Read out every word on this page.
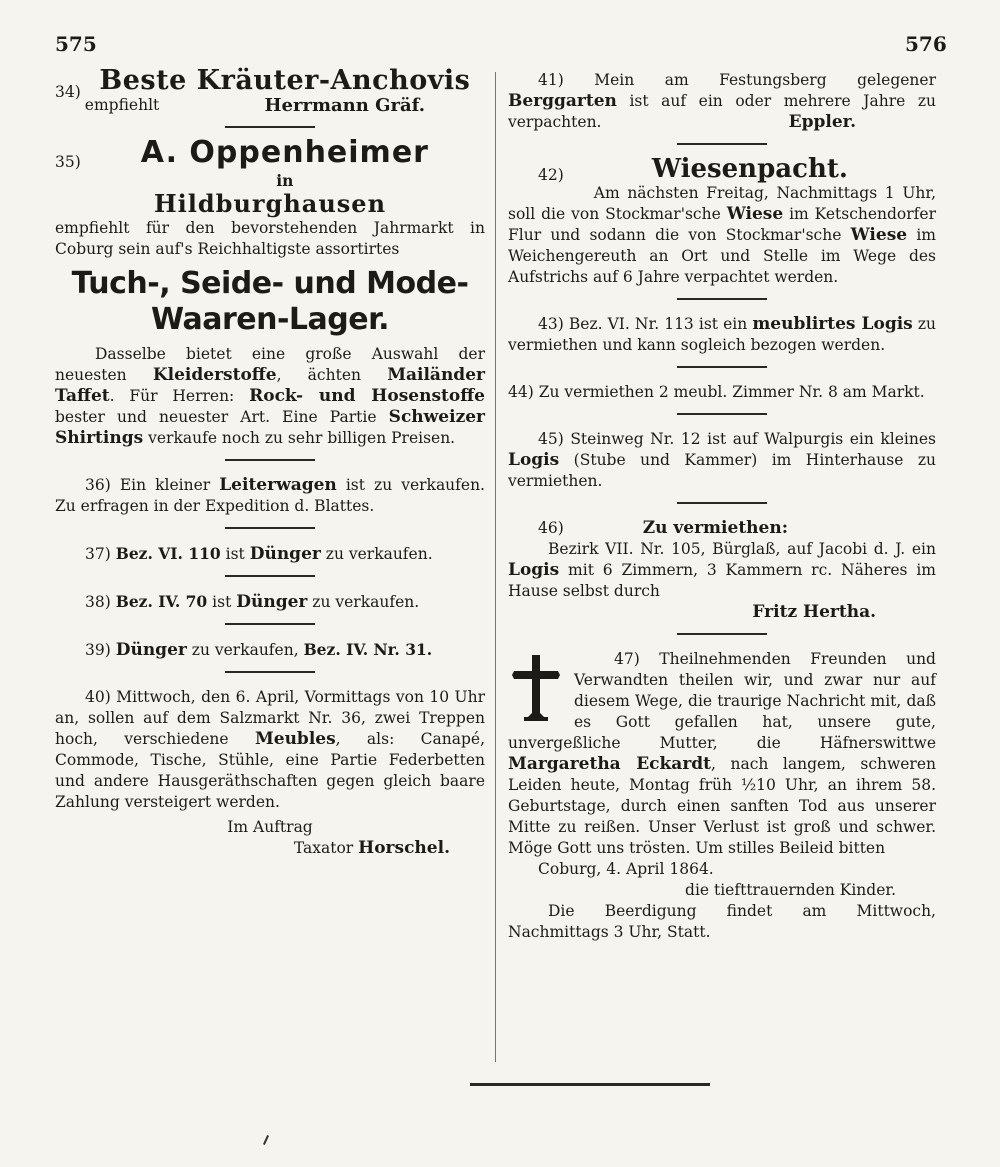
575	576
34) Beste Kräuter-Anchovis
empfiehlt	Herrmann Gräf.
35) A. Oppenheimer

in

Hildburghausen

empfiehlt für den bevorstehenden Jahrmarkt in Coburg sein auf's Reichhaltigste assortirtes

Tuch-, Seide- und Mode-Waaren-Lager.

Dasselbe bietet eine große Auswahl der neuesten Kleiderstoffe, ächten Mailänder Taffet. Für Herren: Rock- und Hosenstoffe bester und neuester Art. Eine Partie Schweizer Shirtings verkaufe noch zu sehr billigen Preisen.

36) Ein kleiner Leiterwagen ist zu verkaufen. Zu erfragen in der Expedition d. Blattes.

37) Bez. VI. 110 ist Dünger zu verkaufen.

38) Bez. IV. 70 ist Dünger zu verkaufen.

39) Dünger zu verkaufen, Bez. IV. Nr. 31.

40) Mittwoch, den 6. April, Vormittags von 10 Uhr an, sollen auf dem Salzmarkt Nr. 36, zwei Treppen hoch, verschiedene Meubles, als: Canapé, Commode, Tische, Stühle, eine Partie Federbetten und andere Hausgeräthschaften gegen gleich baare Zahlung versteigert werden.

Im Auftrag

Taxator Horschel.

41) Mein am Festungsberg gelegener Berggarten ist auf ein oder mehrere Jahre zu verpachten.	Eppler.

42)	Wiesenpacht.

Am nächsten Freitag, Nachmittags 1 Uhr, soll die von Stockmar'sche Wiese im Ketschendorfer Flur und sodann die von Stockmar'sche Wiese im Weichengereuth an Ort und Stelle im Wege des Aufstrichs auf 6 Jahre verpachtet werden.

43) Bez. VI. Nr. 113 ist ein meublirtes Logis zu vermiethen und kann sogleich bezogen werden.

44) Zu vermiethen 2 meubl. Zimmer Nr. 8 am Markt.

45) Steinweg Nr. 12 ist auf Walpurgis ein kleines Logis (Stube und Kammer) im Hinterhause zu vermiethen.

46)	Zu vermiethen:

Bezirk VII. Nr. 105, Bürglaß, auf Jacobi d. J. ein Logis mit 6 Zimmern, 3 Kammern rc. Näheres im Hause selbst durch

Fritz Hertha.

47) Theilnehmenden Freunden und Verwandten theilen wir, und zwar nur auf diesem Wege, die traurige Nachricht mit, daß es Gott gefallen hat, unsere gute, unvergeßliche Mutter, die Häfnerswittwe Margaretha Eckardt, nach langem, schweren Leiden heute, Montag früh ½10 Uhr, an ihrem 58. Geburtstage, durch einen sanften Tod aus unserer Mitte zu reißen. Unser Verlust ist groß und schwer. Möge Gott uns trösten. Um stilles Beileid bitten

Coburg, 4. April 1864.

die tiefttrauernden Kinder.

Die Beerdigung findet am Mittwoch, Nachmittags 3 Uhr, Statt.
